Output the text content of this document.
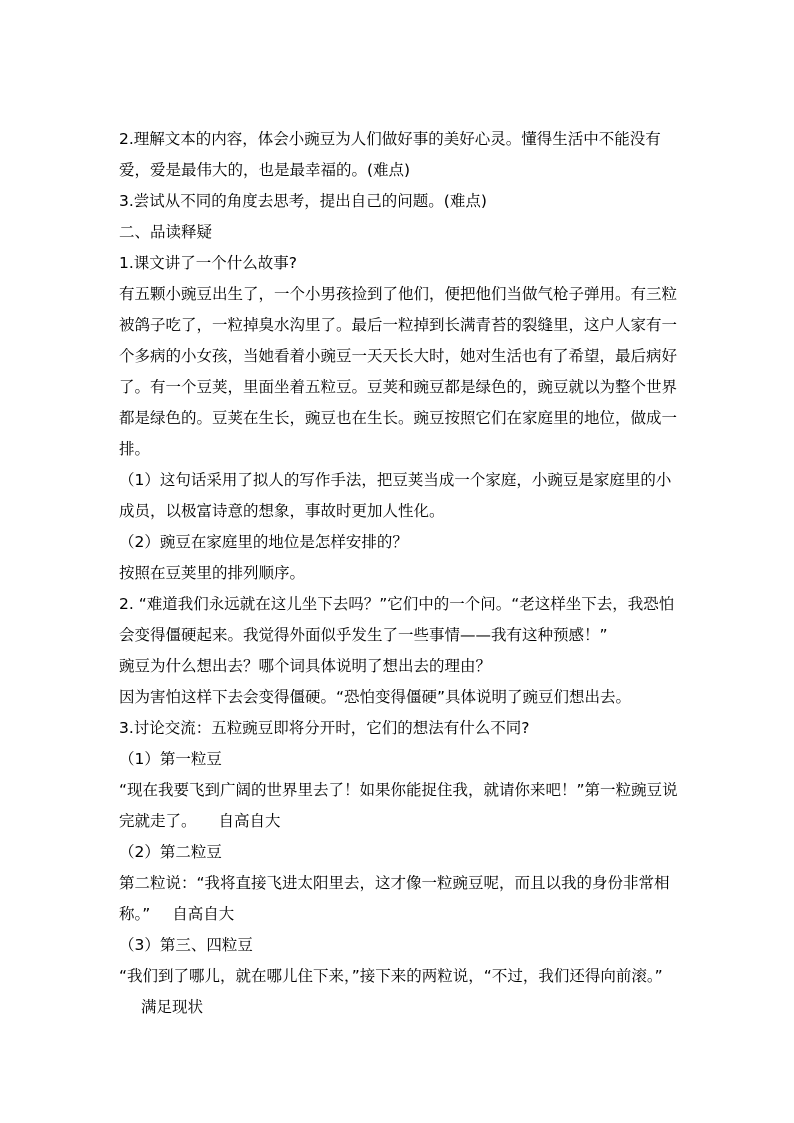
2.理解文本的内容，体会小豌豆为人们做好事的美好心灵。懂得生活中不能没有爱，爱是最伟大的，也是最幸福的。(难点)

3.尝试从不同的角度去思考，提出自己的问题。(难点)

二、品读释疑

1.课文讲了一个什么故事?

有五颗小豌豆出生了，一个小男孩捡到了他们，便把他们当做气枪子弹用。有三粒被鸽子吃了，一粒掉臭水沟里了。最后一粒掉到长满青苔的裂缝里，这户人家有一个多病的小女孩，当她看着小豌豆一天天长大时，她对生活也有了希望，最后病好了。有一个豆荚，里面坐着五粒豆。豆荚和豌豆都是绿色的，豌豆就以为整个世界都是绿色的。豆荚在生长，豌豆也在生长。豌豆按照它们在家庭里的地位，做成一排。

（1）这句话采用了拟人的写作手法，把豆荚当成一个家庭，小豌豆是家庭里的小成员，以极富诗意的想象，事故时更加人性化。

（2）豌豆在家庭里的地位是怎样安排的？

按照在豆荚里的排列顺序。

2. “难道我们永远就在这儿坐下去吗？”它们中的一个问。“老这样坐下去，我恐怕会变得僵硬起来。我觉得外面似乎发生了一些事情——我有这种预感！”

豌豆为什么想出去？哪个词具体说明了想出去的理由？

因为害怕这样下去会变得僵硬。“恐怕变得僵硬”具体说明了豌豆们想出去。

3.讨论交流：五粒豌豆即将分开时，它们的想法有什么不同?

（1）第一粒豆

“现在我要飞到广阔的世界里去了！如果你能捉住我，就请你来吧！”第一粒豌豆说完就走了。 自高自大

（2）第二粒豆

第二粒说：“我将直接飞进太阳里去，这才像一粒豌豆呢，而且以我的身份非常相称。” 自高自大

（3）第三、四粒豆

“我们到了哪儿，就在哪儿住下来，”接下来的两粒说，“不过，我们还得向前滚。”满足现状
